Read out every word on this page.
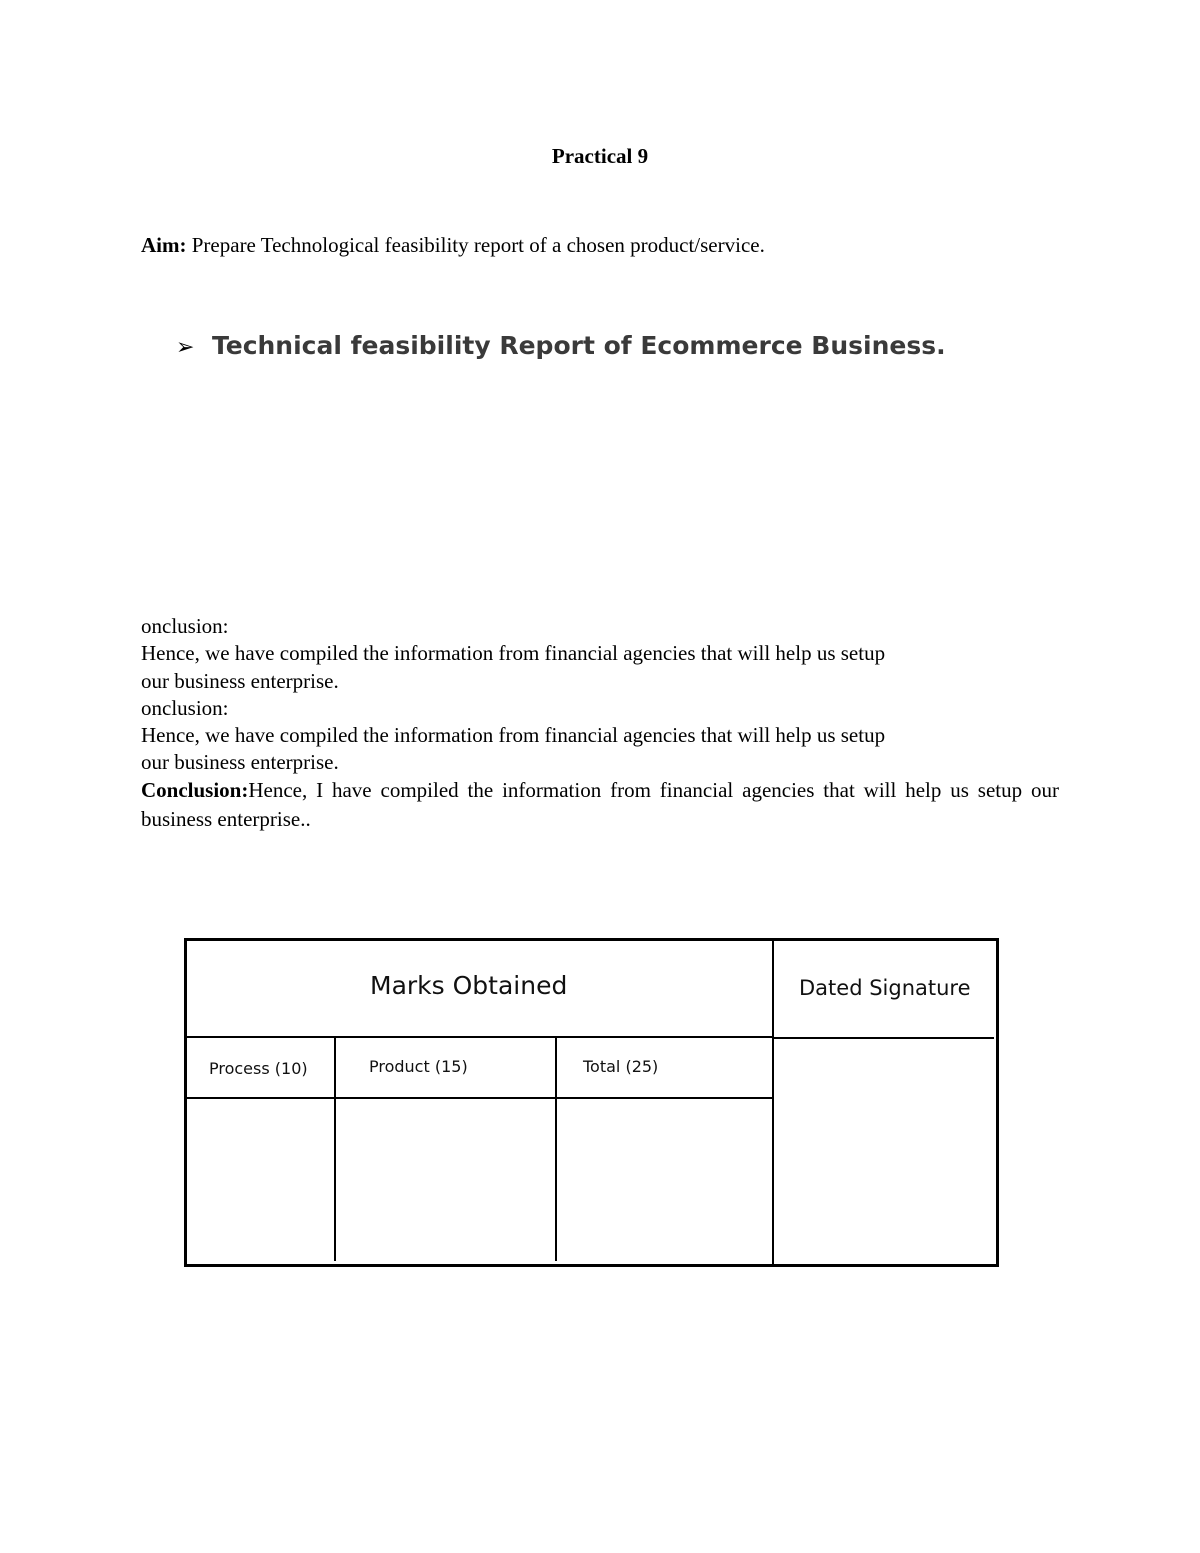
Practical 9
Aim: Prepare Technological feasibility report of a chosen product/service.
➢ Technical feasibility Report of Ecommerce Business.
onclusion:
Hence, we have compiled the information from financial agencies that will help us setup
our business enterprise.
onclusion:
Hence, we have compiled the information from financial agencies that will help us setup
our business enterprise.
Conclusion:Hence, I have compiled the information from financial agencies that will help us setup our business enterprise..
Marks Obtained	Dated Signature
Process (10)	Product (15)	Total (25)
